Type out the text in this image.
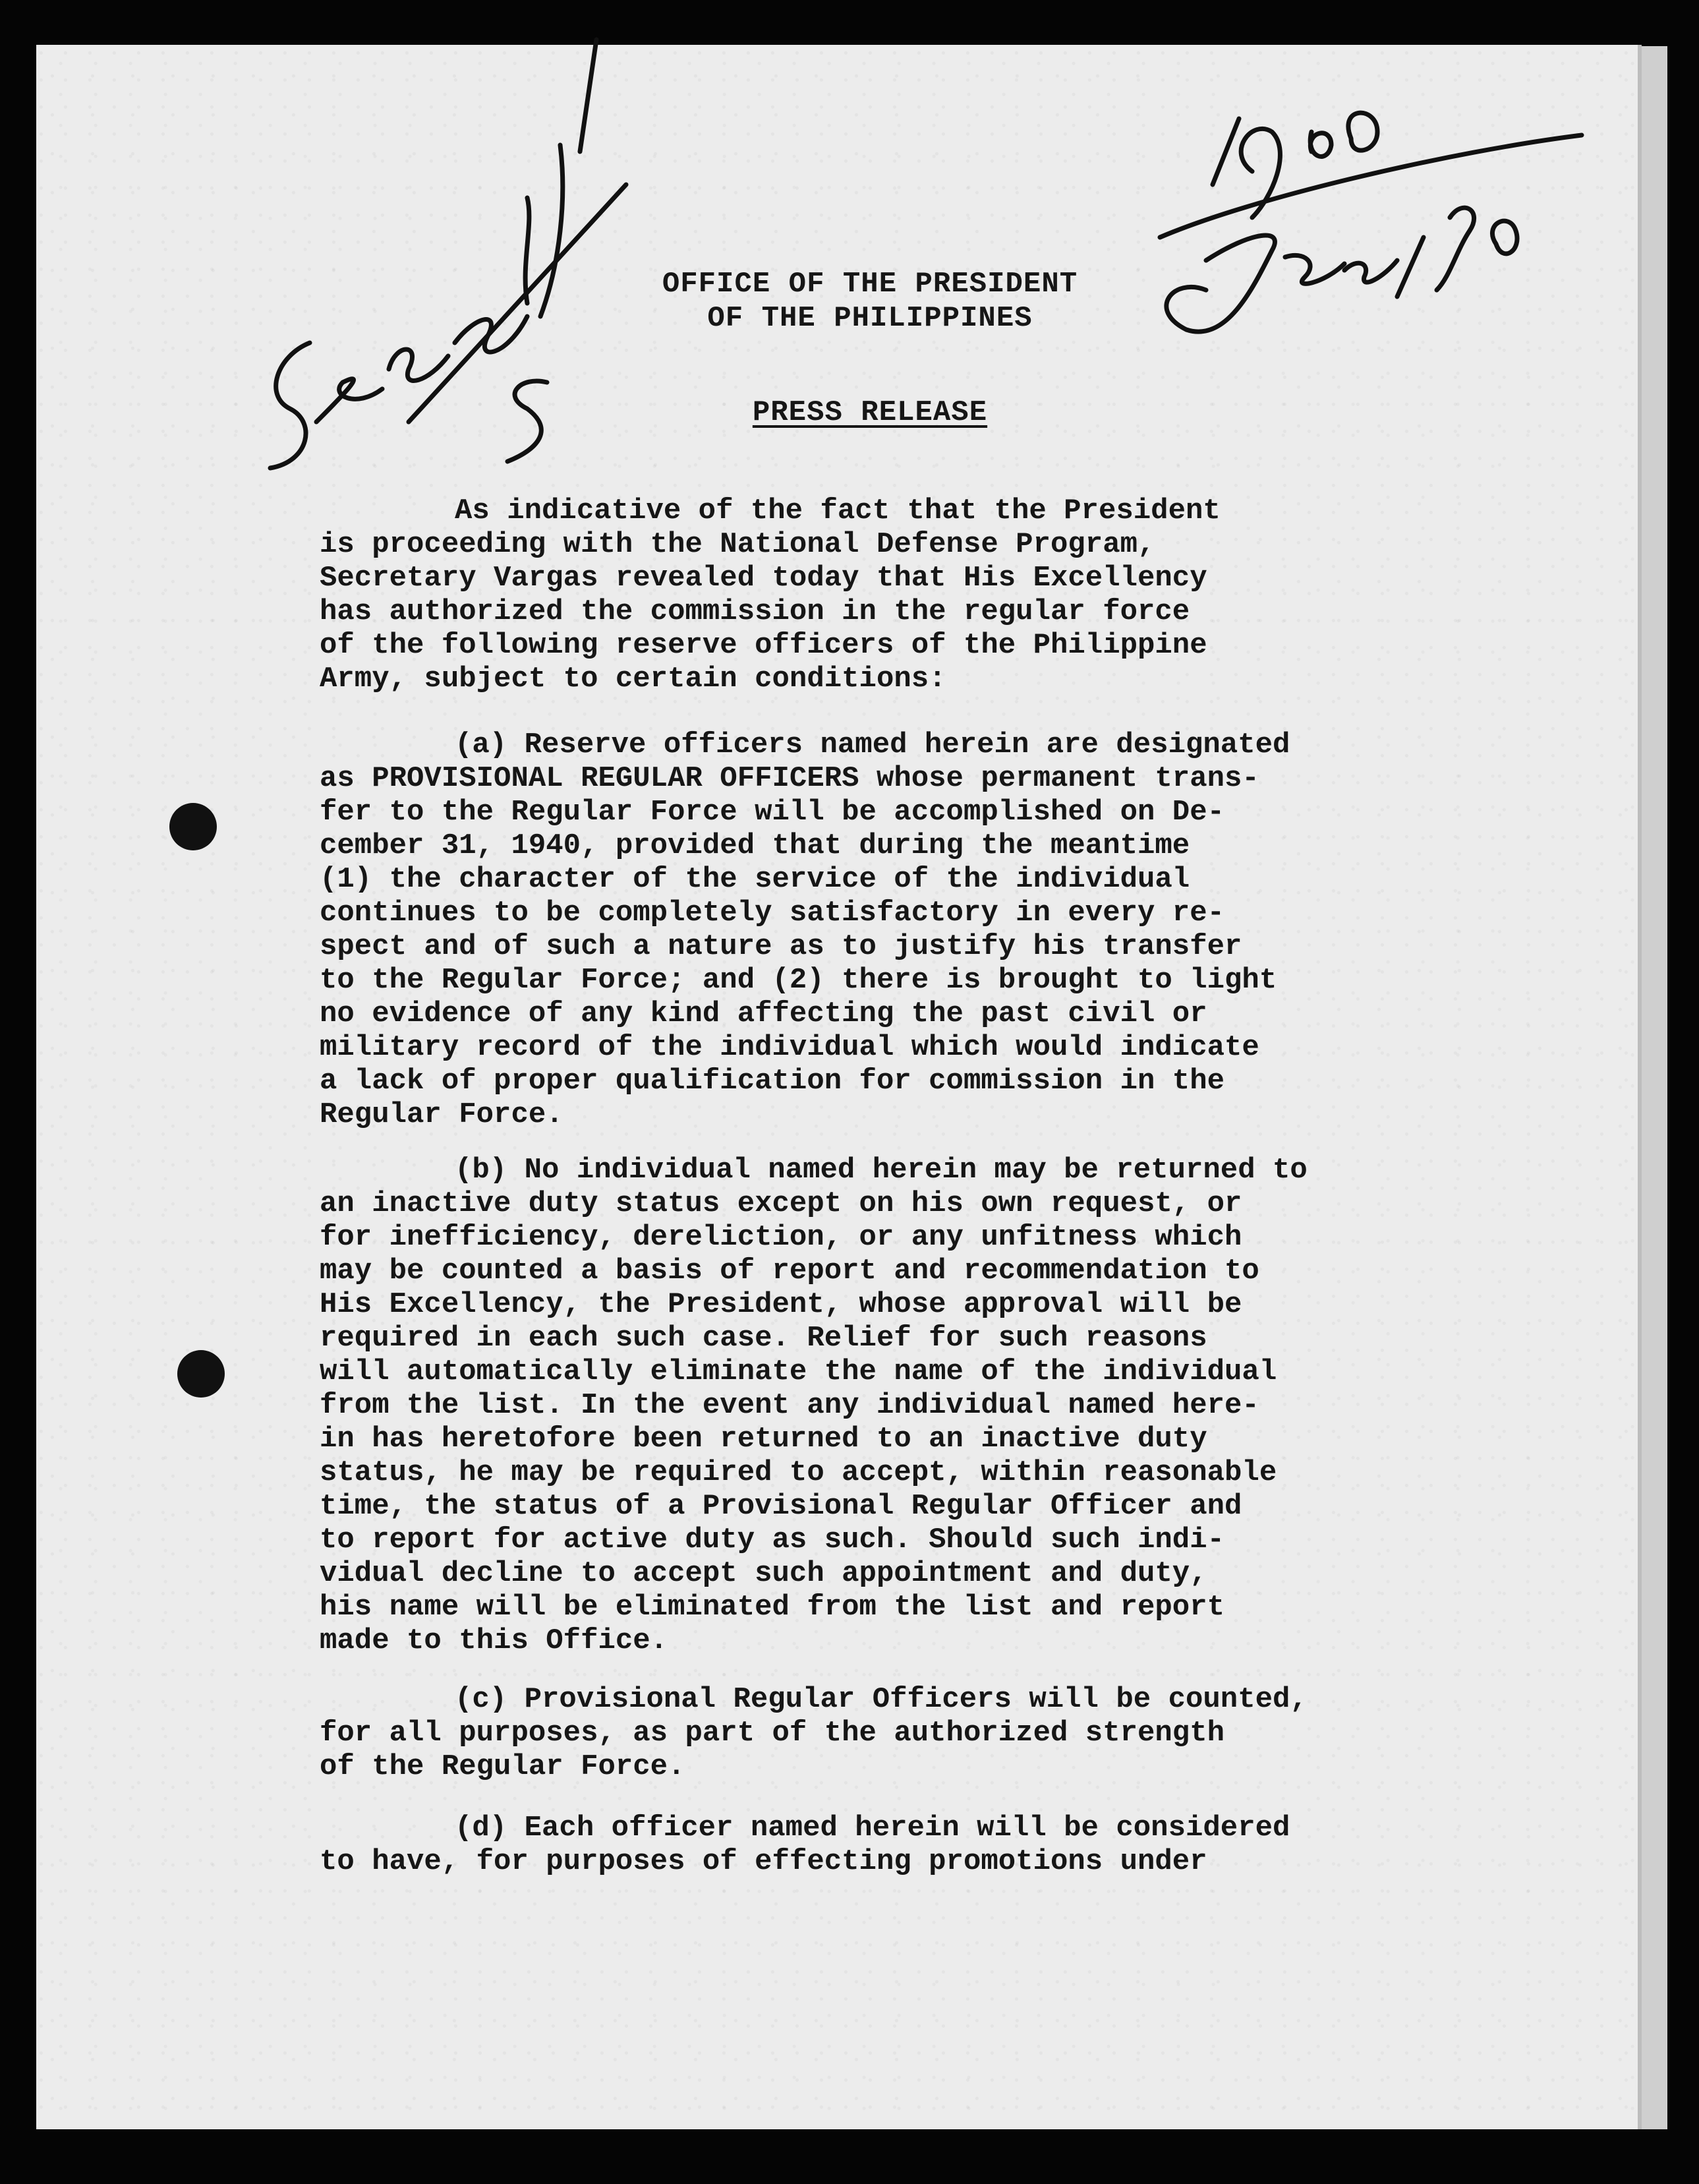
OFFICE OF THE PRESIDENT
OF THE PHILIPPINES
PRESS RELEASE
As indicative of the fact that the President
is proceeding with the National Defense Program,
Secretary Vargas revealed today that His Excellency
has authorized the commission in the regular force
of the following reserve officers of the Philippine
Army, subject to certain conditions:
(a) Reserve officers named herein are designated
as PROVISIONAL REGULAR OFFICERS whose permanent trans-
fer to the Regular Force will be accomplished on De-
cember 31, 1940, provided that during the meantime
(1) the character of the service of the individual
continues to be completely satisfactory in every re-
spect and of such a nature as to justify his transfer
to the Regular Force; and (2) there is brought to light
no evidence of any kind affecting the past civil or
military record of the individual which would indicate
a lack of proper qualification for commission in the
Regular Force.
(b) No individual named herein may be returned to
an inactive duty status except on his own request, or
for inefficiency, dereliction, or any unfitness which
may be counted a basis of report and recommendation to
His Excellency, the President, whose approval will be
required in each such case. Relief for such reasons
will automatically eliminate the name of the individual
from the list. In the event any individual named here-
in has heretofore been returned to an inactive duty
status, he may be required to accept, within reasonable
time, the status of a Provisional Regular Officer and
to report for active duty as such. Should such indi-
vidual decline to accept such appointment and duty,
his name will be eliminated from the list and report
made to this Office.
(c) Provisional Regular Officers will be counted,
for all purposes, as part of the authorized strength
of the Regular Force.
(d) Each officer named herein will be considered
to have, for purposes of effecting promotions under
